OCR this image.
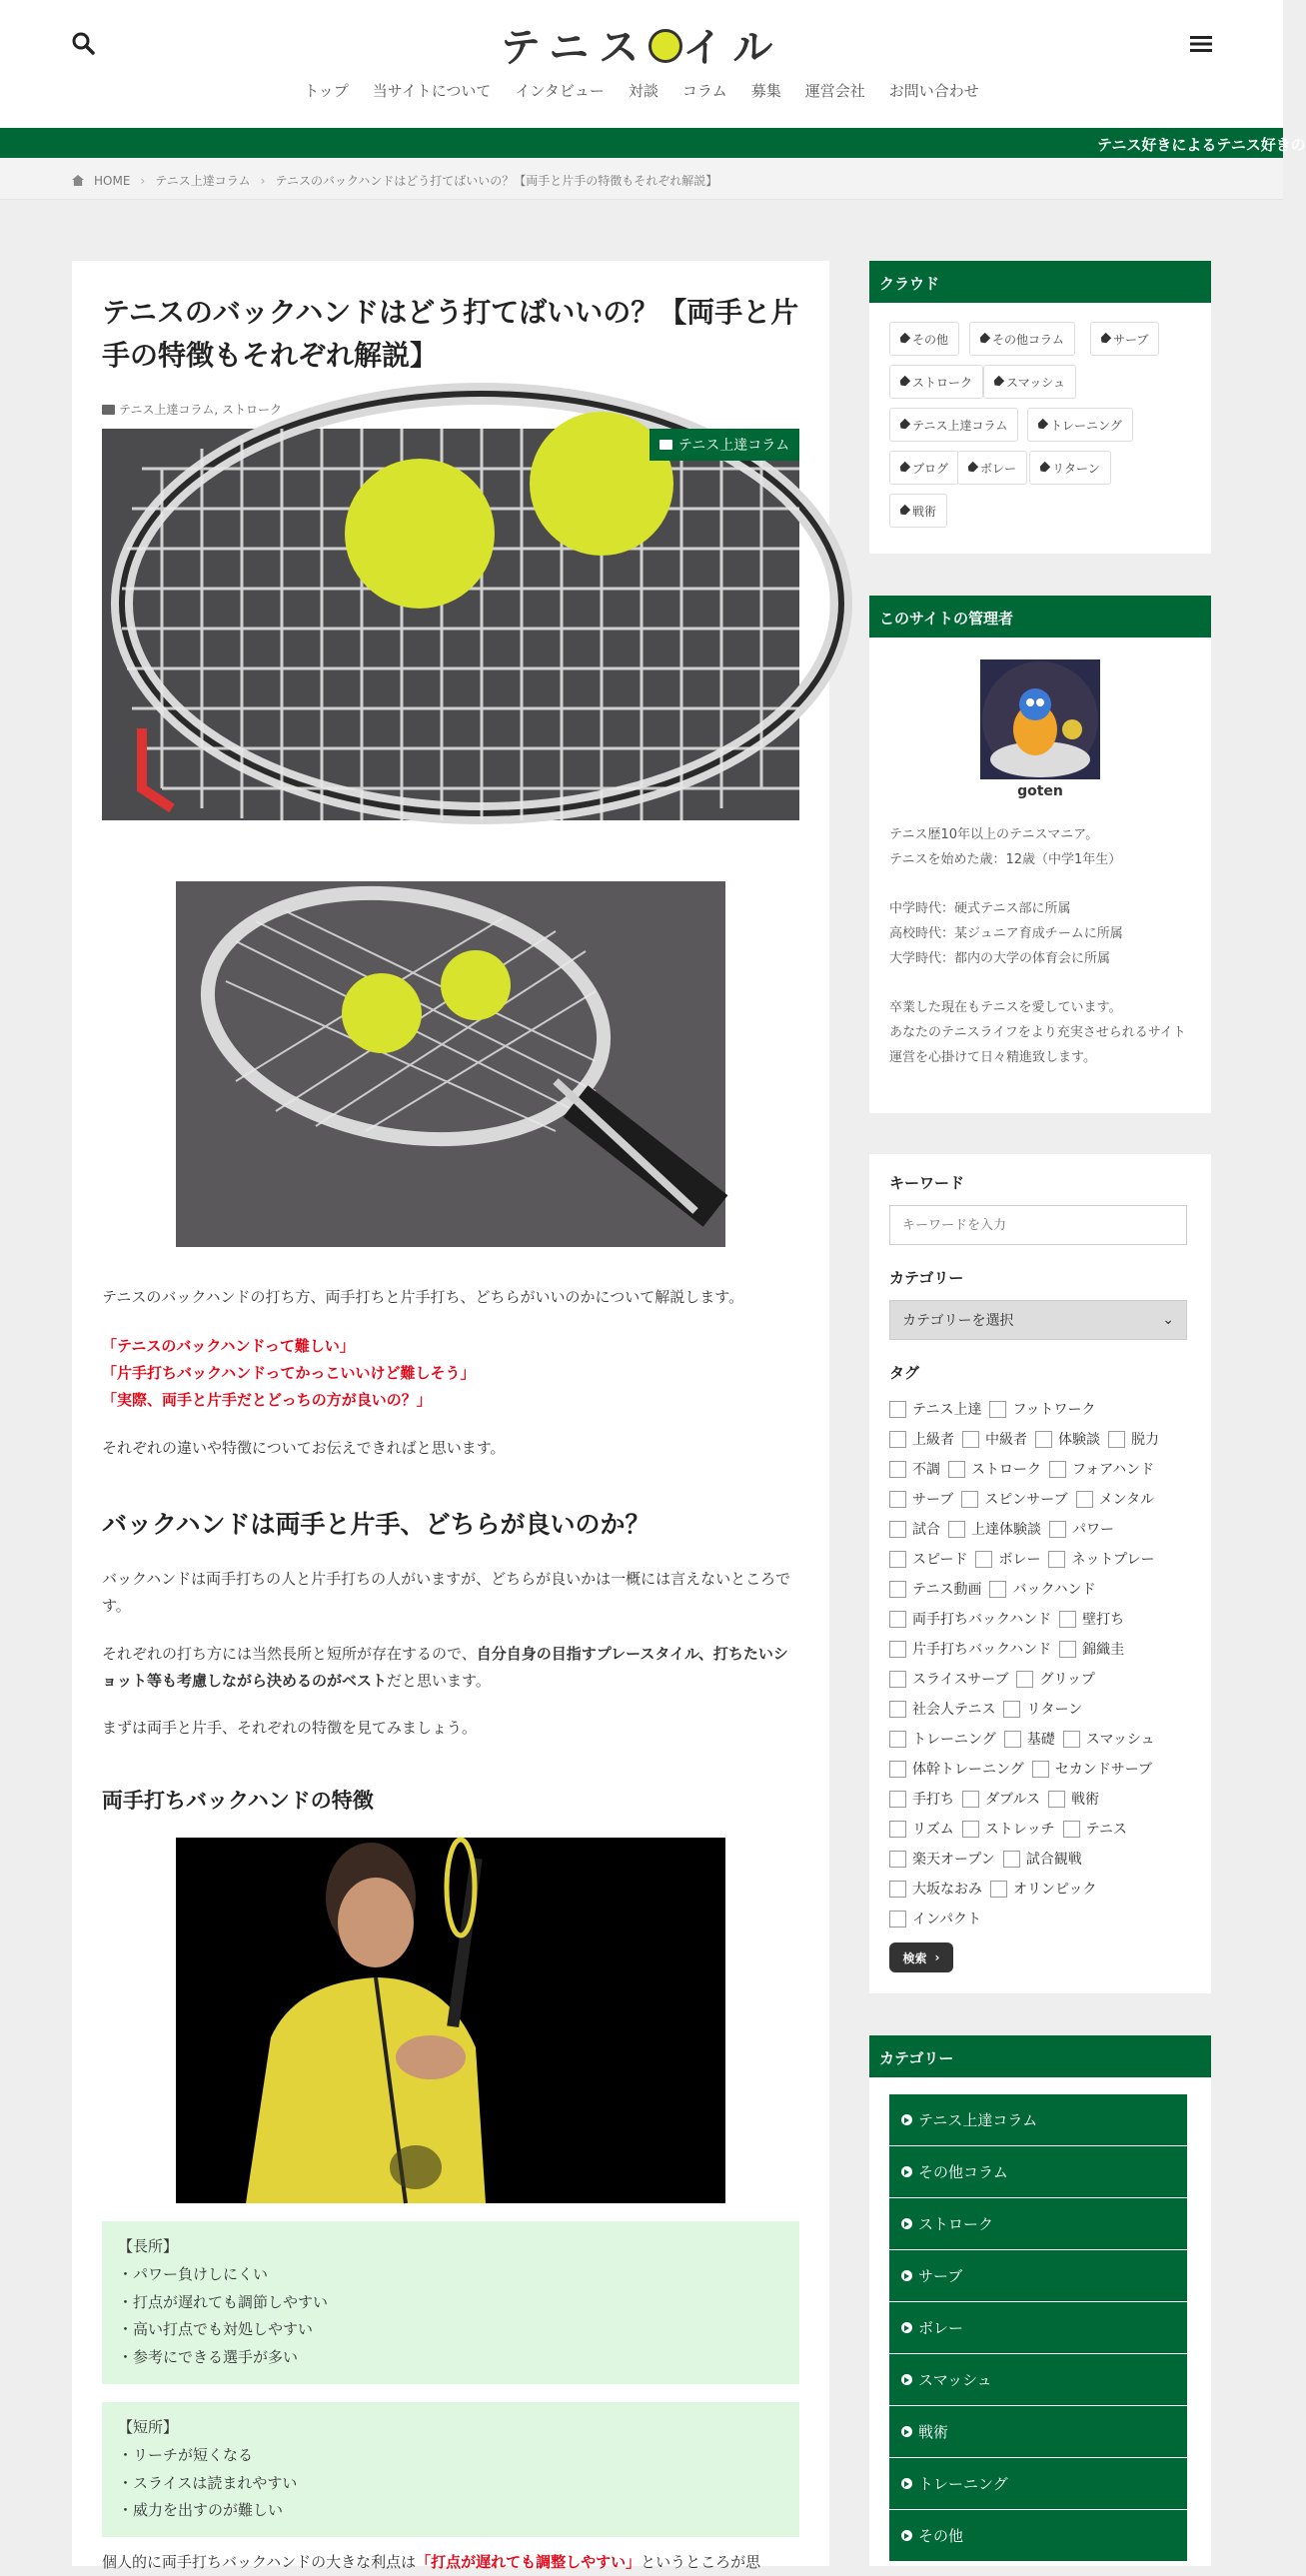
テニス イル
トップ 当サイトについて インタビュー 対談 コラム 募集 運営会社 お問い合わせ
テニス好きによるテニス好きの
HOME › テニス上達コラム › テニスのバックハンドはどう打てばいいの？【両手と片手の特徴もそれぞれ解説】
テニスのバックハンドはどう打てばいいの？【両手と片手の特徴もそれぞれ解説】
テニス上達コラム, ストローク
テニス上達コラム

テニスのバックハンドの打ち方、両手打ちと片手打ち、どちらがいいのかについて解説します。

「テニスのバックハンドって難しい」

「片手打ちバックハンドってかっこいいけど難しそう」

「実際、両手と片手だとどっちの方が良いの？」

それぞれの違いや特徴についてお伝えできればと思います。

バックハンドは両手と片手、どちらが良いのか？

バックハンドは両手打ちの人と片手打ちの人がいますが、どちらが良いかは一概には言えないところです。

それぞれの打ち方には当然長所と短所が存在するので、自分自身の目指すプレースタイル、打ちたいショット等も考慮しながら決めるのがベストだと思います。

まずは両手と片手、それぞれの特徴を見てみましょう。

両手打ちバックハンドの特徴
【長所】
・パワー負けしにくい
・打点が遅れても調節しやすい
・高い打点でも対処しやすい
・参考にできる選手が多い
【短所】
・リーチが短くなる
・スライスは読まれやすい
・威力を出すのが難しい

個人的に両手打ちバックハンドの大きな利点は「打点が遅れても調整しやすい」というところが思

クラウド
その他	その他コラム	サーブ
ストローク	スマッシュ
テニス上達コラム	トレーニング
ブログ	ボレー	リターン
戦術
このサイトの管理者
goten
テニス歴10年以上のテニスマニア。
テニスを始めた歳：12歳（中学1年生）
中学時代：硬式テニス部に所属
高校時代：某ジュニア育成チームに所属
大学時代：都内の大学の体育会に所属
卒業した現在もテニスを愛しています。
あなたのテニスライフをより充実させられるサイト運営を心掛けて日々精進致します。
キーワード
キーワードを入力
カテゴリー
カテゴリーを選択	⌄
タグ
テニス上達 フットワーク
上級者 中級者 体験談 脱力
不調 ストローク フォアハンド
サーブ スピンサーブ メンタル
試合 上達体験談 パワー
スピード ボレー ネットプレー
テニス動画 バックハンド
両手打ちバックハンド 壁打ち
片手打ちバックハンド 錦織圭
スライスサーブ グリップ
社会人テニス リターン
トレーニング 基礎 スマッシュ
体幹トレーニング セカンドサーブ
手打ち ダブルス 戦術
リズム ストレッチ テニス
楽天オープン 試合観戦
大坂なおみ オリンピック
インパクト
検索 ›
カテゴリー
テニス上達コラム
その他コラム
ストローク
サーブ
ボレー
スマッシュ
戦術
トレーニング
その他
